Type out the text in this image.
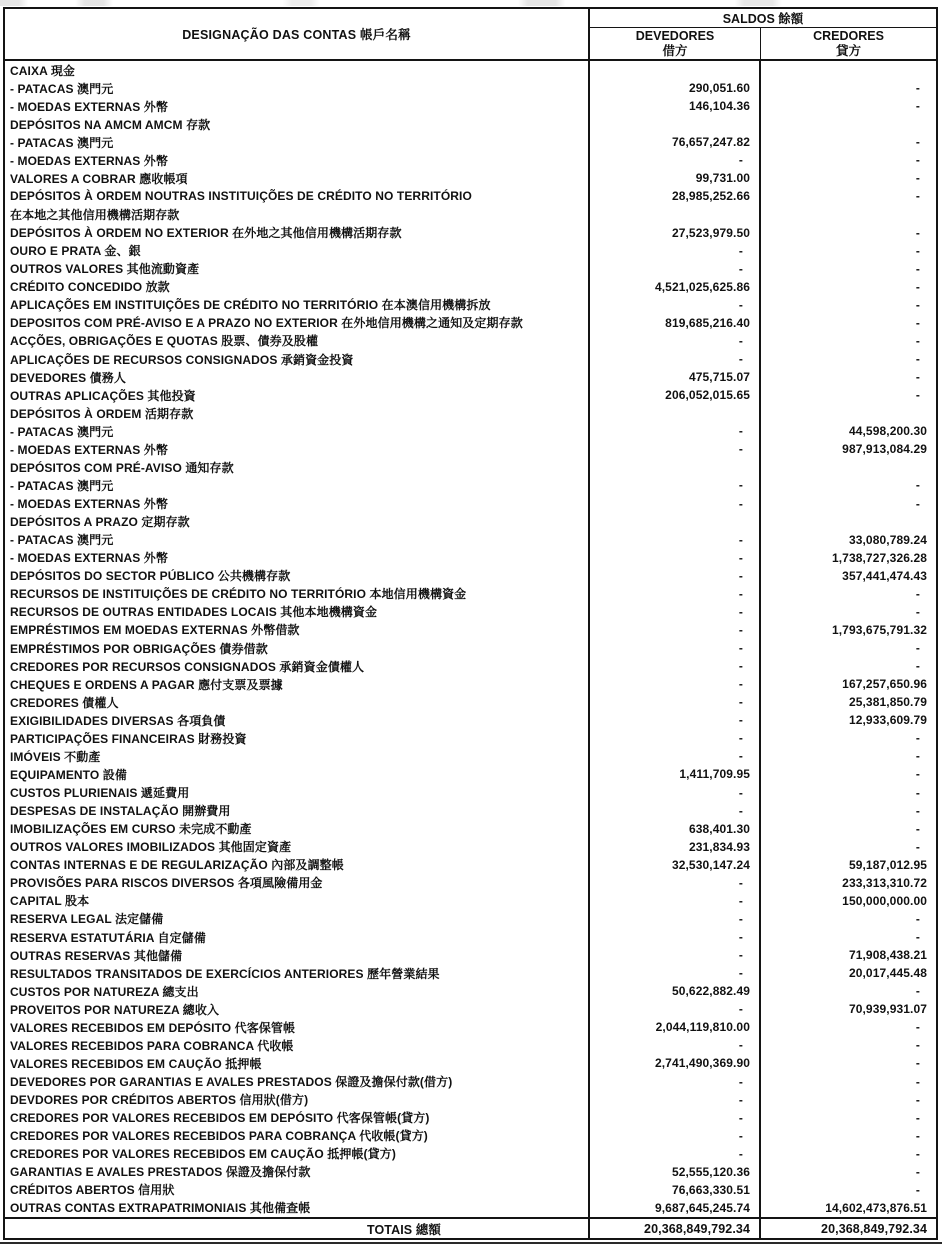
DESIGNAÇÃO DAS CONTAS 帳戶名稱
SALDOS 餘額
DEVEDORES
借方
CREDORES
貸方
CAIXA 現金
- PATACAS 澳門元	290,051.60	-
- MOEDAS EXTERNAS 外幣	146,104.36	-
DEPÓSITOS NA AMCM AMCM 存款
- PATACAS 澳門元	76,657,247.82	-
- MOEDAS EXTERNAS 外幣	-	-
VALORES A COBRAR 應收帳項	99,731.00	-
DEPÓSITOS À ORDEM NOUTRAS INSTITUIÇÕES DE CRÉDITO NO TERRITÓRIO	28,985,252.66	-
在本地之其他信用機構活期存款
DEPÓSITOS À ORDEM NO EXTERIOR 在外地之其他信用機構活期存款	27,523,979.50	-
OURO E PRATA 金、銀	-	-
OUTROS VALORES 其他流動資產	-	-
CRÉDITO CONCEDIDO 放款	4,521,025,625.86	-
APLICAÇÕES EM INSTITUIÇÕES DE CRÉDITO NO TERRITÓRIO 在本澳信用機構拆放	-	-
DEPOSITOS COM PRÉ-AVISO E A PRAZO NO EXTERIOR 在外地信用機構之通知及定期存款	819,685,216.40	-
ACÇÕES, OBRIGAÇÕES E QUOTAS 股票、債券及股權	-	-
APLICAÇÕES DE RECURSOS CONSIGNADOS 承銷資金投資	-	-
DEVEDORES 債務人	475,715.07	-
OUTRAS APLICAÇÕES 其他投資	206,052,015.65	-
DEPÓSITOS À ORDEM 活期存款
- PATACAS 澳門元	-	44,598,200.30
- MOEDAS EXTERNAS 外幣	-	987,913,084.29
DEPÓSITOS COM PRÉ-AVISO 通知存款
- PATACAS 澳門元	-	-
- MOEDAS EXTERNAS 外幣	-	-
DEPÓSITOS A PRAZO 定期存款
- PATACAS 澳門元	-	33,080,789.24
- MOEDAS EXTERNAS 外幣	-	1,738,727,326.28
DEPÓSITOS DO SECTOR PÚBLICO 公共機構存款	-	357,441,474.43
RECURSOS DE INSTITUIÇÕES DE CRÉDITO NO TERRITÓRIO 本地信用機構資金	-	-
RECURSOS DE OUTRAS ENTIDADES LOCAIS 其他本地機構資金	-	-
EMPRÉSTIMOS EM MOEDAS EXTERNAS 外幣借款	-	1,793,675,791.32
EMPRÉSTIMOS POR OBRIGAÇÕES 債券借款	-	-
CREDORES POR RECURSOS CONSIGNADOS 承銷資金債權人	-	-
CHEQUES E ORDENS A PAGAR 應付支票及票據	-	167,257,650.96
CREDORES 債權人	-	25,381,850.79
EXIGIBILIDADES DIVERSAS 各項負債	-	12,933,609.79
PARTICIPAÇÕES FINANCEIRAS 財務投資	-	-
IMÓVEIS 不動產	-	-
EQUIPAMENTO 設備	1,411,709.95	-
CUSTOS PLURIENAIS 遞延費用	-	-
DESPESAS DE INSTALAÇÃO 開辦費用	-	-
IMOBILIZAÇÕES EM CURSO 未完成不動產	638,401.30	-
OUTROS VALORES IMOBILIZADOS 其他固定資產	231,834.93	-
CONTAS INTERNAS E DE REGULARIZAÇÃO 內部及調整帳	32,530,147.24	59,187,012.95
PROVISÕES PARA RISCOS DIVERSOS 各項風險備用金	-	233,313,310.72
CAPITAL 股本	-	150,000,000.00
RESERVA LEGAL 法定儲備	-	-
RESERVA ESTATUTÁRIA 自定儲備	-	-
OUTRAS RESERVAS 其他儲備	-	71,908,438.21
RESULTADOS TRANSITADOS DE EXERCÍCIOS ANTERIORES 歷年營業結果	-	20,017,445.48
CUSTOS POR NATUREZA 總支出	50,622,882.49	-
PROVEITOS POR NATUREZA 總收入	-	70,939,931.07
VALORES RECEBIDOS EM DEPÓSITO 代客保管帳	2,044,119,810.00	-
VALORES RECEBIDOS PARA COBRANCA 代收帳	-	-
VALORES RECEBIDOS EM CAUÇÃO 抵押帳	2,741,490,369.90	-
DEVEDORES POR GARANTIAS E AVALES PRESTADOS 保證及擔保付款(借方)	-	-
DEVDORES POR CRÉDITOS ABERTOS 信用狀(借方)	-	-
CREDORES POR VALORES RECEBIDOS EM DEPÓSITO 代客保管帳(貸方)	-	-
CREDORES POR VALORES RECEBIDOS PARA COBRANÇA 代收帳(貸方)	-	-
CREDORES POR VALORES RECEBIDOS EM CAUÇÃO 抵押帳(貸方)	-	-
GARANTIAS E AVALES PRESTADOS 保證及擔保付款	52,555,120.36	-
CRÉDITOS ABERTOS 信用狀	76,663,330.51	-
OUTRAS CONTAS EXTRAPATRIMONIAIS 其他備查帳	9,687,645,245.74	14,602,473,876.51
TOTAIS 總額	20,368,849,792.34	20,368,849,792.34
